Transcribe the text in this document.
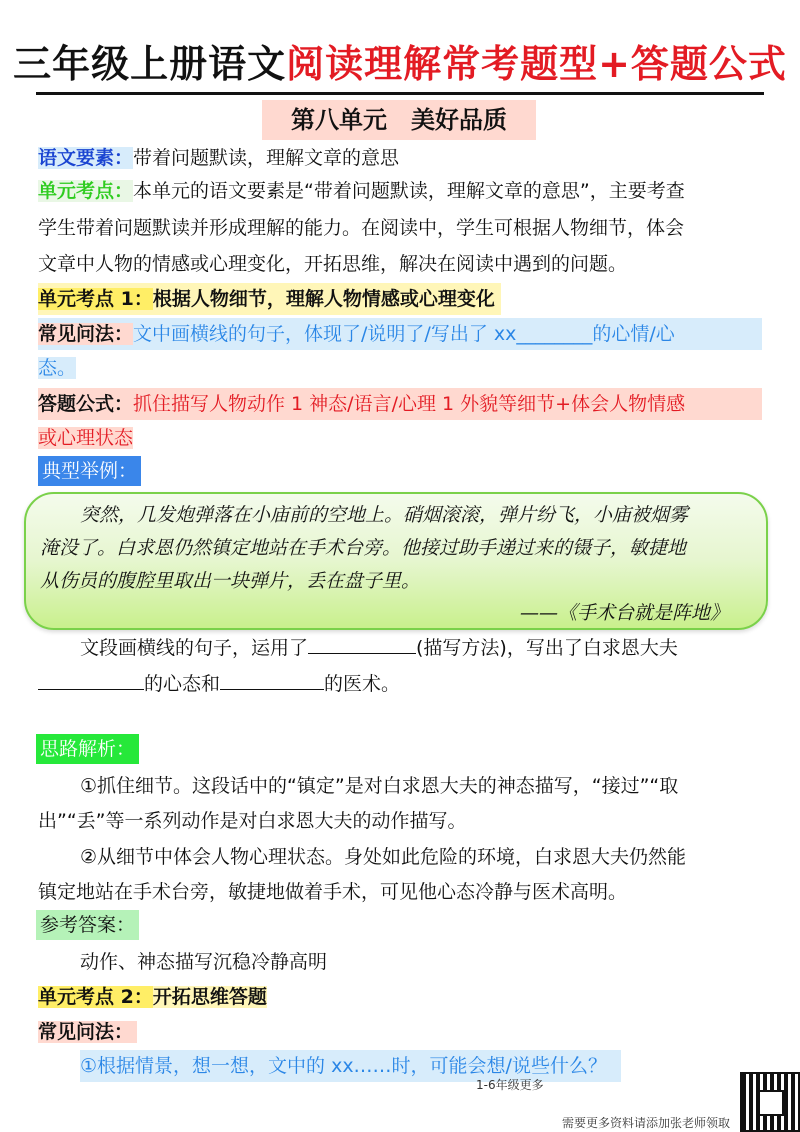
三年级上册语文阅读理解常考题型+答题公式
第八单元　美好品质
语文要素：带着问题默读，理解文章的意思
单元考点：本单元的语文要素是“带着问题默读，理解文章的意思”，主要考查
学生带着问题默读并形成理解的能力。在阅读中，学生可根据人物细节，体会
文章中人物的情感或心理变化，开拓思维，解决在阅读中遇到的问题。
单元考点 1：根据人物细节，理解人物情感或心理变化
常见问法：文中画横线的句子，体现了/说明了/写出了 xx________的心情/心
态。
答题公式：抓住描写人物动作 1 神态/语言/心理 1 外貌等细节+体会人物情感
或心理状态
典型举例：
突然，几发炮弹落在小庙前的空地上。硝烟滚滚，弹片纷飞，小庙被烟雾
淹没了。白求恩仍然镇定地站在手术台旁。他接过助手递过来的镊子，敏捷地
从伤员的腹腔里取出一块弹片，丢在盘子里。
——《手术台就是阵地》
文段画横线的句子，运用了	(描写方法)，写出了白求恩大夫
的心态和	的医术。
思路解析：
①抓住细节。这段话中的“镇定”是对白求恩大夫的神态描写，“接过”“取
出”“丢”等一系列动作是对白求恩大夫的动作描写。
②从细节中体会人物心理状态。身处如此危险的环境，白求恩大夫仍然能
镇定地站在手术台旁，敏捷地做着手术，可见他心态冷静与医术高明。
参考答案：
动作、神态描写沉稳冷静高明
单元考点 2：开拓思维答题
常见问法：
①根据情景，想一想，文中的 xx……时，可能会想/说些什么？
1-6年级更多
需要更多资料请添加张老师领取
